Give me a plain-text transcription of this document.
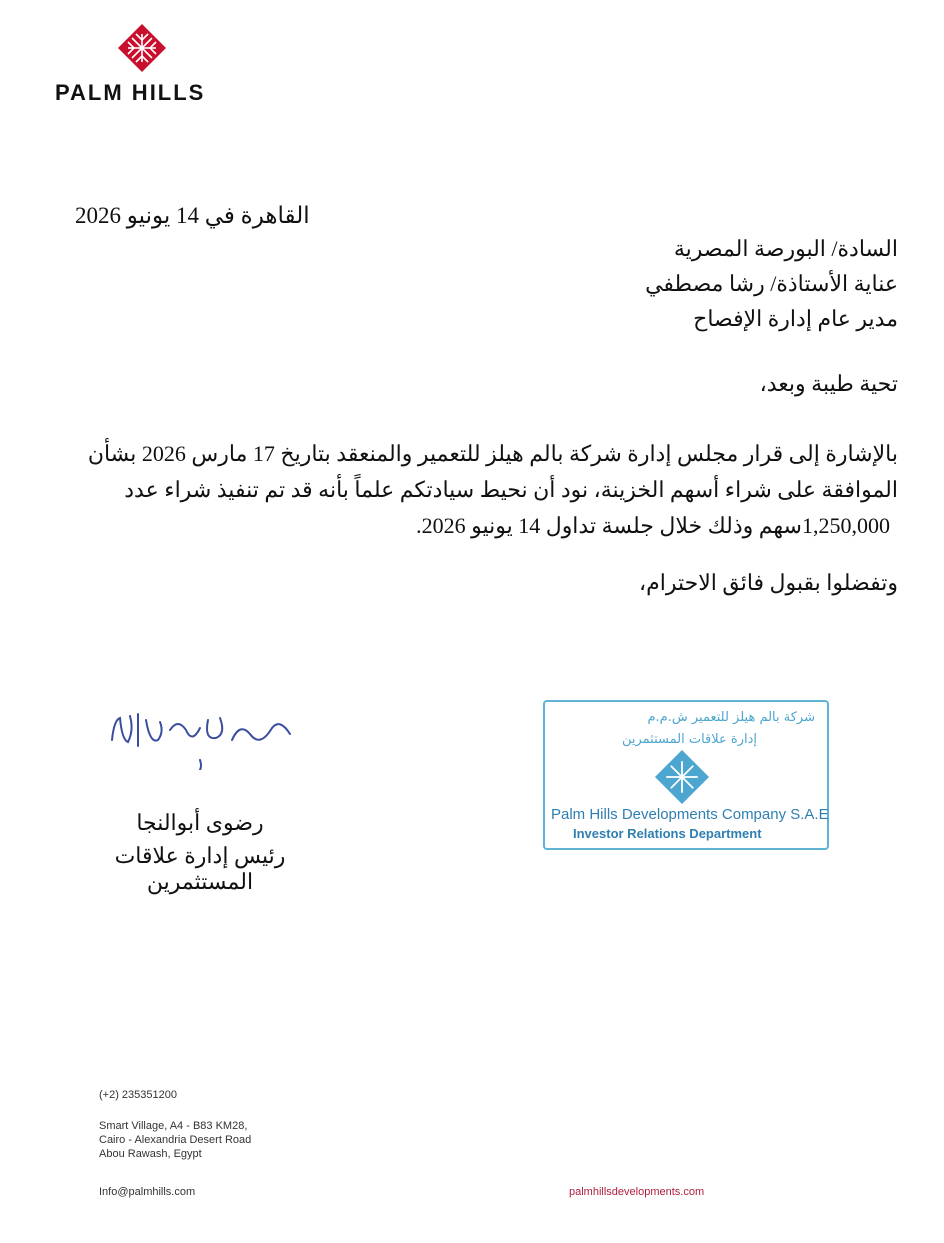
PALM HILLS
القاهرة في 14 يونيو 2026
السادة/ البورصة المصرية
عناية الأستاذة/ رشا مصطفي
مدير عام إدارة الإفصاح
تحية طيبة وبعد،
بالإشارة إلى قرار مجلس إدارة شركة بالم هيلز للتعمير والمنعقد بتاريخ 17 مارس 2026 بشأن
الموافقة على شراء أسهم الخزينة، نود أن نحيط سيادتكم علماً بأنه قد تم تنفيذ شراء عدد
1,250,000سهم وذلك خلال جلسة تداول 14 يونيو 2026.
وتفضلوا بقبول فائق الاحترام،
رضوى أبوالنجا
رئيس إدارة علاقات المستثمرين
شركة بالم هيلز للتعمير ش.م.م
إدارة علاقات المستثمرين
Palm Hills Developments Company S.A.E
Investor Relations Department
(+2) 235351200
Smart Village, A4 - B83 KM28,
Cairo - Alexandria Desert Road
Abou Rawash, Egypt
Info@palmhills.com	palmhillsdevelopments.com
